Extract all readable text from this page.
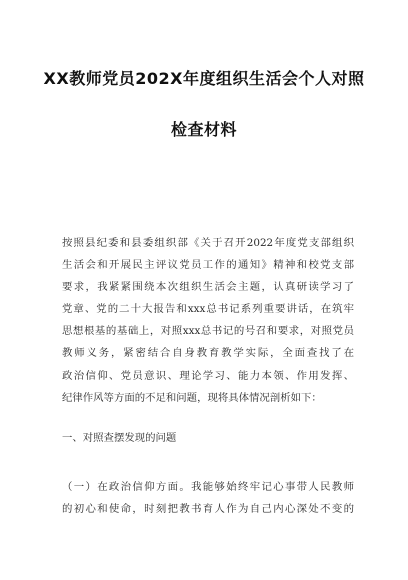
XX教师党员202X年度组织生活会个人对照
检查材料
按照县纪委和县委组织部《关于召开2022年度党支部组织
生活会和开展民主评议党员工作的通知》精神和校党支部
要求，我紧紧围绕本次组织生活会主题，认真研读学习了
党章、党的二十大报告和xxx总书记系列重要讲话，在筑牢
思想根基的基础上，对照xxx总书记的号召和要求，对照党员
教师义务，紧密结合自身教育教学实际，全面查找了在
政治信仰、党员意识、理论学习、能力本领、作用发挥、
纪律作风等方面的不足和问题，现将具体情况剖析如下：
一、对照查摆发现的问题
（一）在政治信仰方面。我能够始终牢记心事带人民教师
的初心和使命，时刻把教书育人作为自己内心深处不变的
